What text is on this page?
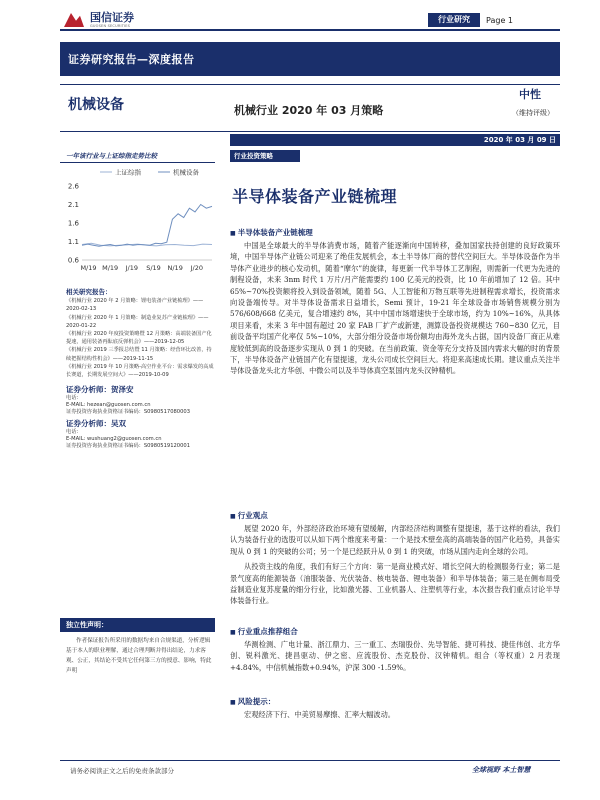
国信证券
GUOSEN SECURITIES
行业研究	Page 1
证券研究报告—深度报告
机械设备	机械行业 2020 年 03 月策略
中性
（维持评级）
2020 年 03 月 09 日
一年该行业与上证综指走势比较
上证综指	机械设备
2.6
2.1
1.6
1.1
0.6
M/19 M/19 J/19 S/19 N/19 J/20
相关研究报告：
《机械行业 2020 年 2 月策略：锂电装备产业链梳理》——2020-02-13
《机械行业 2020 年 1 月策略：制造业复苏产业链梳理》——2020-01-22
《机械行业 2020 年度投资策略暨 12 月策略：高端装备国产化提速，通用装备再酝底反弹机会》——2019-12-05
《机械行业 2019 三季报总结暨 11 月策略：经营环比改善，持续把握结构性机会》——2019-11-15
《机械行业 2019 年 10 月策略-高空作业平台：需求爆发的高成长赛道，长期发展空间大》——2019-10-09
证券分析师：贺泽安
电话：
E-MAIL: hezean@guosen.com.cn
证券投资咨询执业资格证书编码：S0980517080003
证券分析师：吴双
电话：
E-MAIL: wushuang2@guosen.com.cn
证券投资咨询执业资格证书编码：S0980519120001
独立性声明：
作者保证报告所采用的数据均来自合规渠道，分析逻辑基于本人的职业理解，通过合理判断并得出结论，力求客观、公正，其结论不受其它任何第三方的授意、影响，特此声明
行业投资策略
半导体装备产业链梳理
■ 半导体装备产业链梳理

中国是全球最大的半导体消费市场，随着产能逐渐向中国转移，叠加国家扶持创建的良好政策环境，中国半导体产业链公司迎来了绝佳发展机会，本土半导体厂商的替代空间巨大。半导体设备作为半导体产业进步的核心发动机，随着“摩尔”的旋律，每更新一代半导体工艺制程，则需新一代更为先进的制程设备，未来 3nm 时代 1 万片/月产能需要约 100 亿美元的投资，比 10 年前增加了 12 倍。其中 65%~70%投资额将投入到设备领域，随着 5G、人工智能和万物互联等先进制程需求增长，投资需求向设备端传导。对半导体设备需求日益增长，Semi 预计，19-21 年全球设备市场销售规模分别为 576/608/668 亿美元，复合增速约 8%，其中中国市场增速快于全球市场，约为 10%~16%，从具体项目来看，未来 3 年中国有超过 20 家 FAB 厂扩产或新建，测算设备投资规模达 760~830 亿元，目前设备平均国产化率仅 5%~10%，大部分细分设备市场份额均由海外龙头占据，国内设备厂商正从难度较低到高的设备逐步实现从 0 到 1 的突破。在当前政策、资金等充分支持及国内需求大幅的时的背景下，半导体设备产业链国产化有望提速，龙头公司成长空间巨大。将迎来高速成长期。建议重点关注半导体设备龙头北方华创、中微公司以及半导体真空泵国内龙头汉钟精机。

■ 行业观点

展望 2020 年，外部经济政治环境有望缓解，内部经济结构调整有望提速，基于这样的看法，我们认为装备行业的选股可以从如下两个维度来考量：一个是技术壁垒高的高端装备的国产化趋势，具备实现从 0 到 1 的突破的公司；另一个是已经跃升从 0 到 1 的突破，市场从国内走向全球的公司。

从投资主线的角度，我们有好三个方向：第一是商业模式好、增长空间大的检测服务行业；第二是景气度高的能源装备（油服装备、光伏装备、核电装备、锂电装备）和半导体装备；第三是在侧布局受益制造业复苏度量的细分行业，比如激光器、工业机器人、注塑机等行业，本次报告我们重点讨论半导体装备行业。

■ 行业重点推荐组合

华测检测、广电计量、浙江鼎力、三一重工、杰瑞股份、先导智能、捷可科技、捷佳伟创、北方华创、锐科激光、捷昌驱动、伊之密、应流股份、杰克股份、汉钟精机。组合（等权重）2 月表现+4.84%，中信机械指数+0.94%，沪深 300 -1.59%。

■ 风险提示：

宏观经济下行、中美贸易摩擦、汇率大幅波动。

请务必阅读正文之后的免责条款部分	全球视野 本土智慧
